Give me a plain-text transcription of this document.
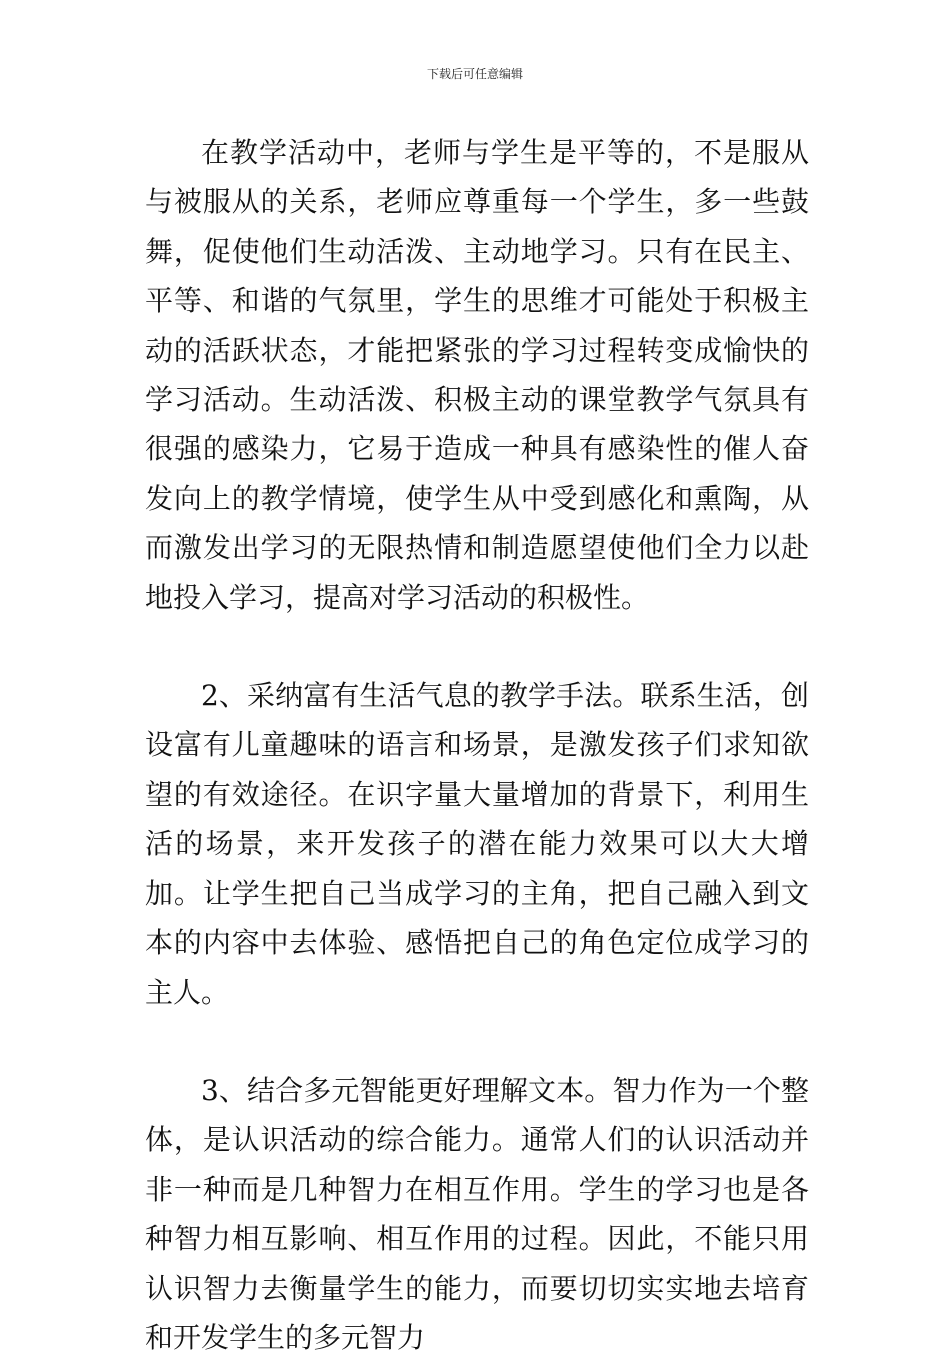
下载后可任意编辑

在教学活动中，老师与学生是平等的，不是服从与被服从的关系，老师应尊重每一个学生，多一些鼓舞，促使他们生动活泼、主动地学习。只有在民主、平等、和谐的气氛里，学生的思维才可能处于积极主动的活跃状态，才能把紧张的学习过程转变成愉快的学习活动。生动活泼、积极主动的课堂教学气氛具有很强的感染力，它易于造成一种具有感染性的催人奋发向上的教学情境，使学生从中受到感化和熏陶，从而激发出学习的无限热情和制造愿望使他们全力以赴地投入学习，提高对学习活动的积极性。

2、采纳富有生活气息的教学手法。联系生活，创设富有儿童趣味的语言和场景，是激发孩子们求知欲望的有效途径。在识字量大量增加的背景下，利用生活的场景，来开发孩子的潜在能力效果可以大大增加。让学生把自己当成学习的主角，把自己融入到文本的内容中去体验、感悟把自己的角色定位成学习的主人。

3、结合多元智能更好理解文本。智力作为一个整体，是认识活动的综合能力。通常人们的认识活动并非一种而是几种智力在相互作用。学生的学习也是各种智力相互影响、相互作用的过程。因此，不能只用认识智力去衡量学生的能力，而要切切实实地去培育和开发学生的多元智力
